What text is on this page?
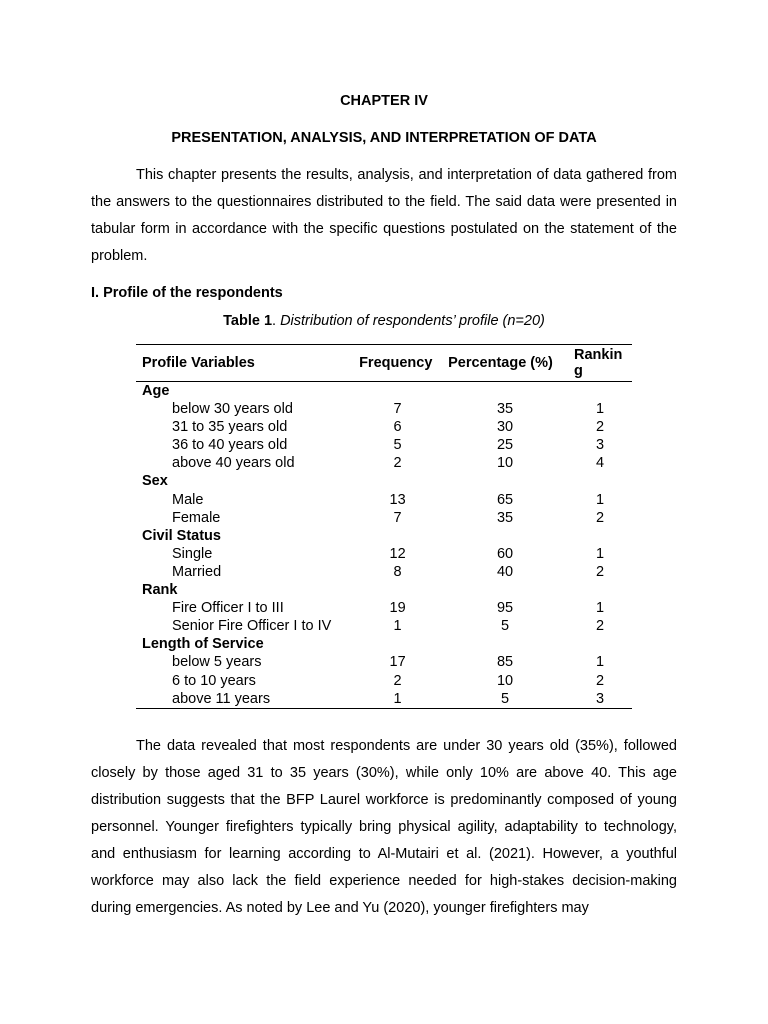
CHAPTER IV
PRESENTATION, ANALYSIS, AND INTERPRETATION OF DATA

This chapter presents the results, analysis, and interpretation of data gathered from the answers to the questionnaires distributed to the field. The said data were presented in tabular form in accordance with the specific questions postulated on the statement of the problem.

I. Profile of the respondents
Table 1. Distribution of respondents’ profile (n=20)
Profile Variables	Frequency	Percentage (%)	Ranking
Age			
below 30 years old	7	35	1
31 to 35 years old	6	30	2
36 to 40 years old	5	25	3
above 40 years old	2	10	4
Sex			
Male	13	65	1
Female	7	35	2
Civil Status			
Single	12	60	1
Married	8	40	2
Rank			
Fire Officer I to III	19	95	1
Senior Fire Officer I to IV	1	5	2
Length of Service			
below 5 years	17	85	1
6 to 10 years	2	10	2
above 11 years	1	5	3

The data revealed that most respondents are under 30 years old (35%), followed closely by those aged 31 to 35 years (30%), while only 10% are above 40. This age distribution suggests that the BFP Laurel workforce is predominantly composed of young personnel. Younger firefighters typically bring physical agility, adaptability to technology, and enthusiasm for learning according to Al-Mutairi et al. (2021). However, a youthful workforce may also lack the field experience needed for high-stakes decision-making during emergencies. As noted by Lee and Yu (2020), younger firefighters may
